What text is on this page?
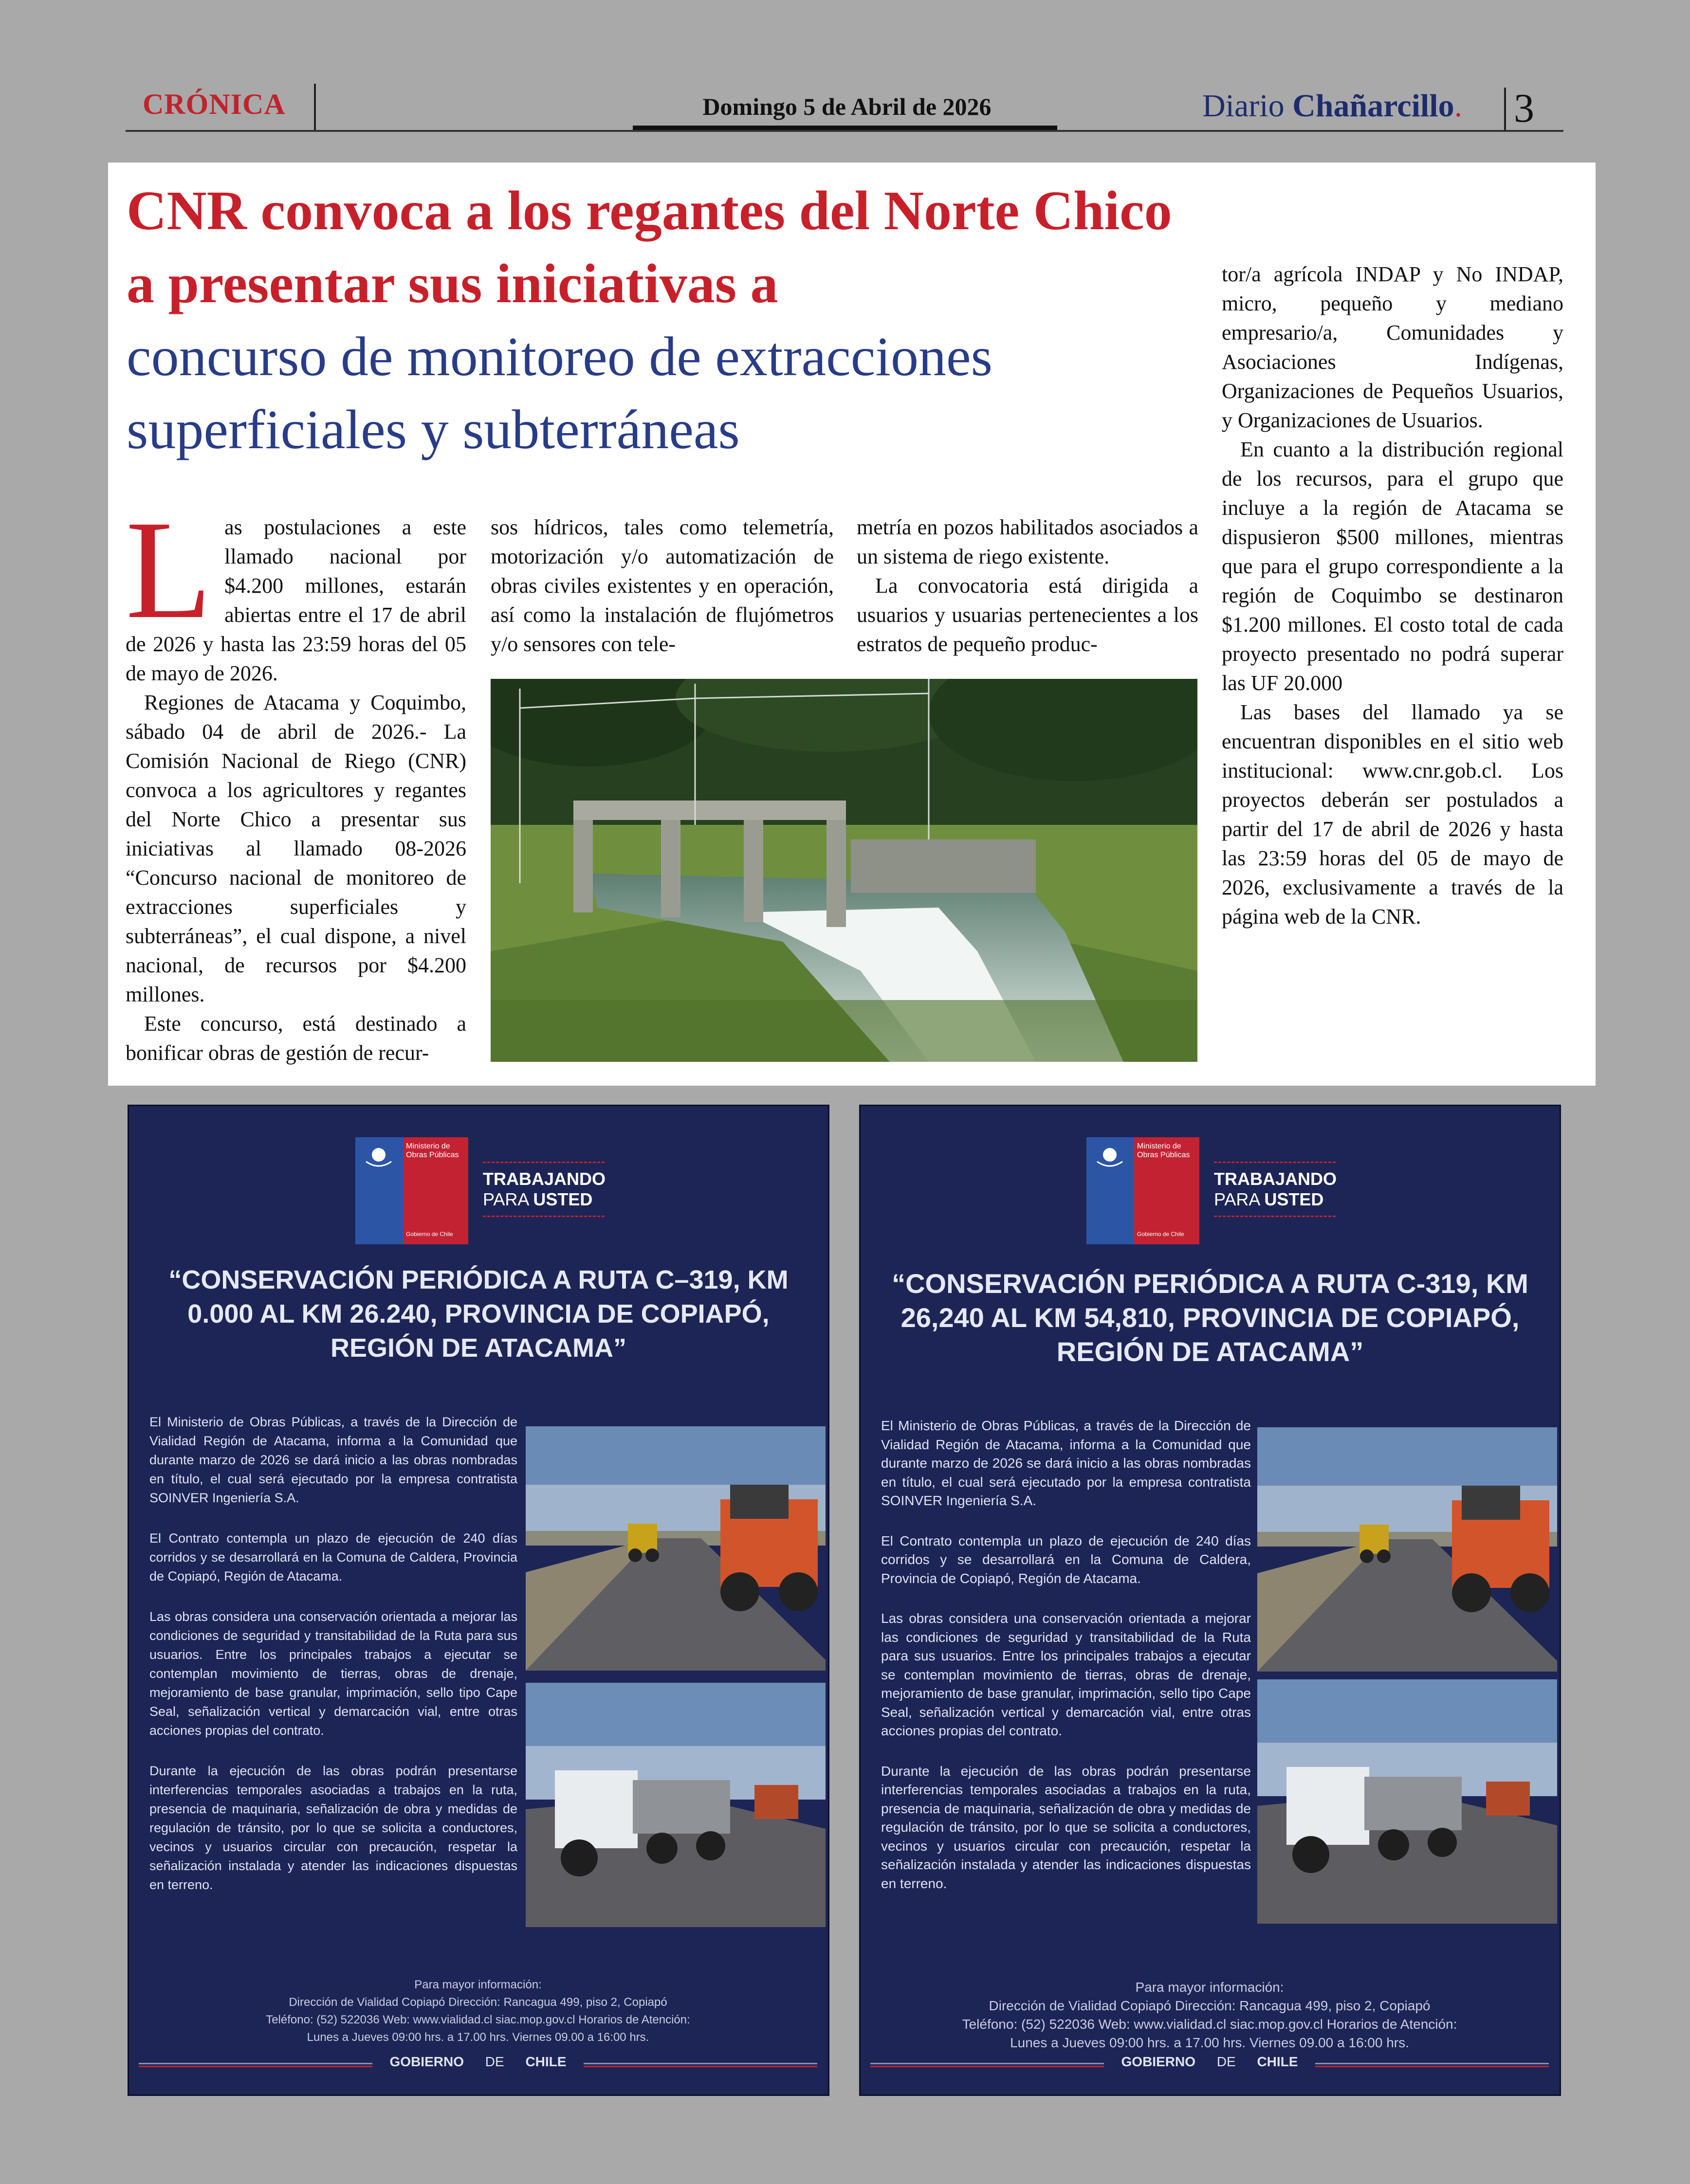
CRÓNICA	Domingo 5 de Abril de 2026	Diario Chañarcillo. 3
CNR convoca a los regantes del Norte Chico a presentar sus iniciativas a
concurso de monitoreo de extracciones superficiales y subterráneas
L as postulaciones a este llamado nacional por $4.200 millones, estarán abiertas entre el 17 de abril de 2026 y hasta las 23:59 horas del 05 de mayo de 2026.

Regiones de Atacama y Coquimbo, sábado 04 de abril de 2026.- La Comisión Nacional de Riego (CNR) convoca a los agricultores y regantes del Norte Chico a presentar sus iniciativas al llamado 08-2026 “Concurso nacional de monitoreo de extracciones superficiales y subterráneas”, el cual dispone, a nivel nacional, de recursos por $4.200 millones.

Este concurso, está destinado a bonificar obras de gestión de recur-

sos hídricos, tales como telemetría, motorización y/o automatización de obras civiles existentes y en operación, así como la instalación de flujómetros y/o sensores con tele-

metría en pozos habilitados asociados a un sistema de riego existente.

La convocatoria está dirigida a usuarios y usuarias pertenecientes a los estratos de pequeño produc-

tor/a agrícola INDAP y No INDAP, micro, pequeño y mediano empresario/a, Comunidades y Asociaciones Indígenas, Organizaciones de Pequeños Usuarios, y Organizaciones de Usuarios.

En cuanto a la distribución regional de los recursos, para el grupo que incluye a la región de Atacama se dispusieron $500 millones, mientras que para el grupo correspondiente a la región de Coquimbo se destinaron $1.200 millones. El costo total de cada proyecto presentado no podrá superar las UF 20.000

Las bases del llamado ya se encuentran disponibles en el sitio web institucional: www.cnr.gob.cl. Los proyectos deberán ser postulados a partir del 17 de abril de 2026 y hasta las 23:59 horas del 05 de mayo de 2026, exclusivamente a través de la página web de la CNR.

Ministerio de Obras Públicas
Gobierno de Chile
TRABAJANDO
PARA USTED
“CONSERVACIÓN PERIÓDICA A RUTA C–319, KM 0.000 AL KM 26.240, PROVINCIA DE COPIAPÓ, REGIÓN DE ATACAMA”

El Ministerio de Obras Públicas, a través de la Dirección de Vialidad Región de Atacama, informa a la Comunidad que durante marzo de 2026 se dará inicio a las obras nombradas en título, el cual será ejecutado por la empresa contratista SOINVER Ingeniería S.A.

El Contrato contempla un plazo de ejecución de 240 días corridos y se desarrollará en la Comuna de Caldera, Provincia de Copiapó, Región de Atacama.

Las obras considera una conservación orientada a mejorar las condiciones de seguridad y transitabilidad de la Ruta para sus usuarios. Entre los principales trabajos a ejecutar se contemplan movimiento de tierras, obras de drenaje, mejoramiento de base granular, imprimación, sello tipo Cape Seal, señalización vertical y demarcación vial, entre otras acciones propias del contrato.

Durante la ejecución de las obras podrán presentarse interferencias temporales asociadas a trabajos en la ruta, presencia de maquinaria, señalización de obra y medidas de regulación de tránsito, por lo que se solicita a conductores, vecinos y usuarios circular con precaución, respetar la señalización instalada y atender las indicaciones dispuestas en terreno.

Para mayor información:
Dirección de Vialidad Copiapó Dirección: Rancagua 499, piso 2, Copiapó
Teléfono: (52) 522036 Web: www.vialidad.cl siac.mop.gov.cl Horarios de Atención:
Lunes a Jueves 09:00 hrs. a 17.00 hrs. Viernes 09.00 a 16:00 hrs.
GOBIERNO DE CHILE
Ministerio de Obras Públicas
Gobierno de Chile
TRABAJANDO
PARA USTED
“CONSERVACIÓN PERIÓDICA A RUTA C-319, KM 26,240 AL KM 54,810, PROVINCIA DE COPIAPÓ, REGIÓN DE ATACAMA”

El Ministerio de Obras Públicas, a través de la Dirección de Vialidad Región de Atacama, informa a la Comunidad que durante marzo de 2026 se dará inicio a las obras nombradas en título, el cual será ejecutado por la empresa contratista SOINVER Ingeniería S.A.

El Contrato contempla un plazo de ejecución de 240 días corridos y se desarrollará en la Comuna de Caldera, Provincia de Copiapó, Región de Atacama.

Las obras considera una conservación orientada a mejorar las condiciones de seguridad y transitabilidad de la Ruta para sus usuarios. Entre los principales trabajos a ejecutar se contemplan movimiento de tierras, obras de drenaje, mejoramiento de base granular, imprimación, sello tipo Cape Seal, señalización vertical y demarcación vial, entre otras acciones propias del contrato.

Durante la ejecución de las obras podrán presentarse interferencias temporales asociadas a trabajos en la ruta, presencia de maquinaria, señalización de obra y medidas de regulación de tránsito, por lo que se solicita a conductores, vecinos y usuarios circular con precaución, respetar la señalización instalada y atender las indicaciones dispuestas en terreno.

Para mayor información:
Dirección de Vialidad Copiapó Dirección: Rancagua 499, piso 2, Copiapó
Teléfono: (52) 522036 Web: www.vialidad.cl siac.mop.gov.cl Horarios de Atención:
Lunes a Jueves 09:00 hrs. a 17.00 hrs. Viernes 09.00 a 16:00 hrs.
GOBIERNO DE CHILE
